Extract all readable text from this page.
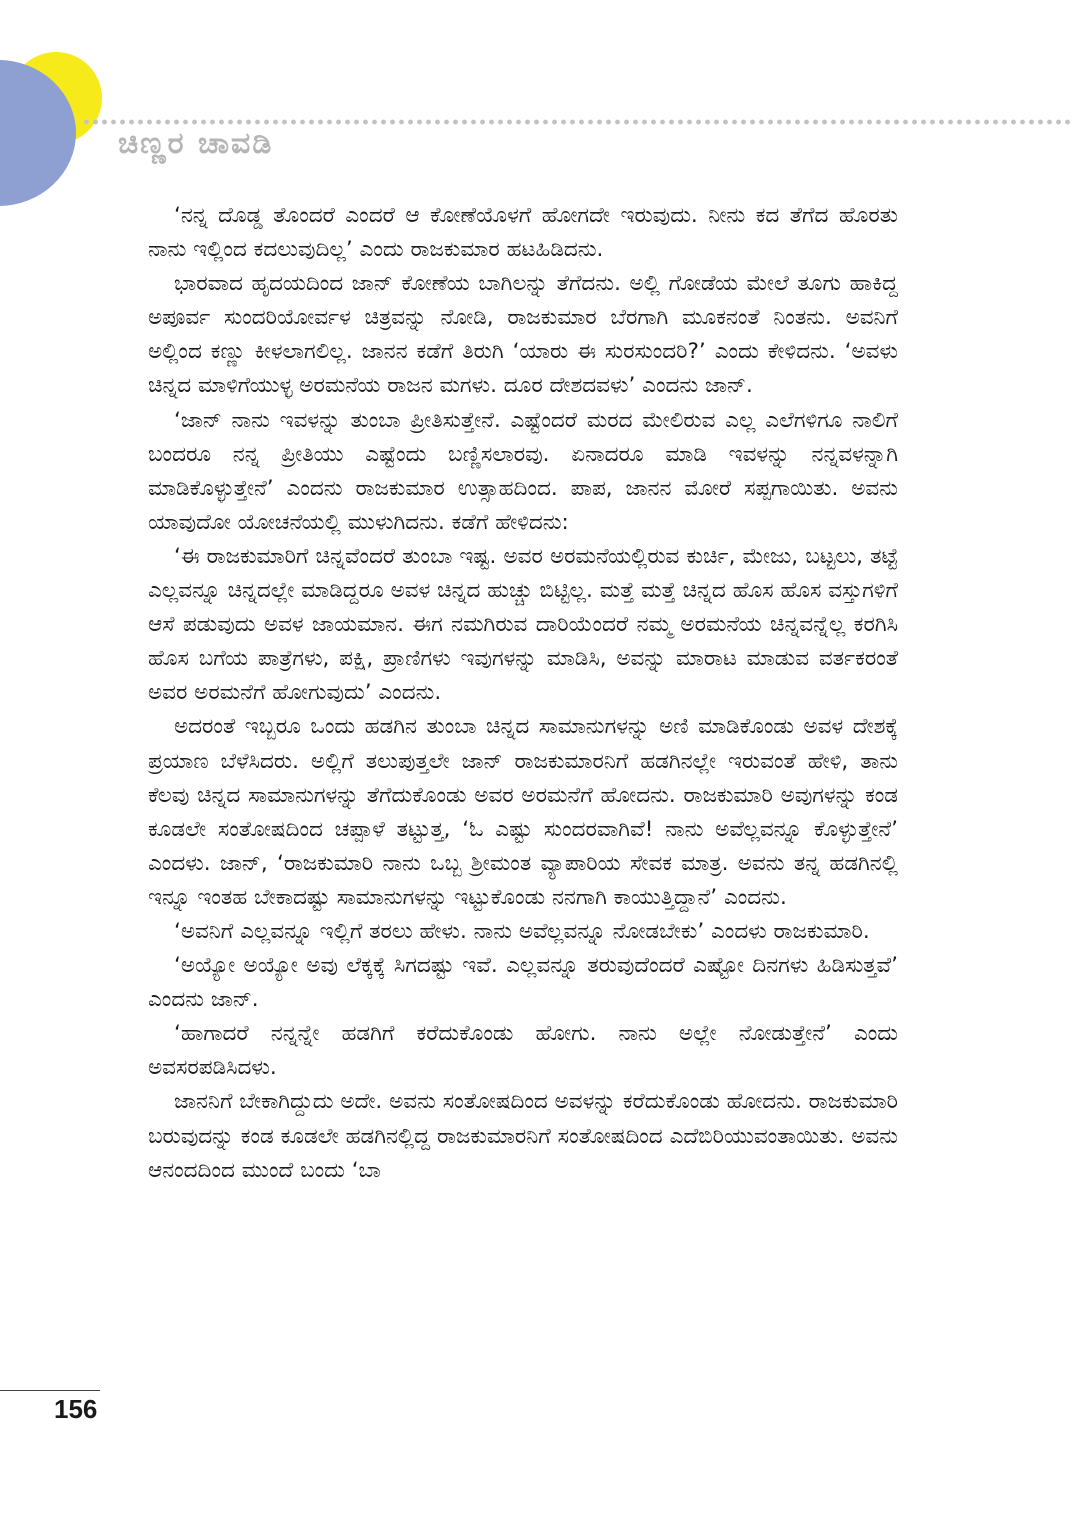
ಚಿಣ್ಣರ ಚಾವಡಿ

‘ನನ್ನ ದೊಡ್ಡ ತೊಂದರೆ ಎಂದರೆ ಆ ಕೋಣೆಯೊಳಗೆ ಹೋಗದೇ ಇರುವುದು. ನೀನು ಕದ ತೆಗೆದ ಹೊರತು ನಾನು ಇಲ್ಲಿಂದ ಕದಲುವುದಿಲ್ಲ’ ಎಂದು ರಾಜಕುಮಾರ ಹಟಹಿಡಿದನು.

ಭಾರವಾದ ಹೃದಯದಿಂದ ಜಾನ್ ಕೋಣೆಯ ಬಾಗಿಲನ್ನು ತೆಗೆದನು. ಅಲ್ಲಿ ಗೋಡೆಯ ಮೇಲೆ ತೂಗು ಹಾಕಿದ್ದ ಅಪೂರ್ವ ಸುಂದರಿಯೋರ್ವಳ ಚಿತ್ರವನ್ನು ನೋಡಿ, ರಾಜಕುಮಾರ ಬೆರಗಾಗಿ ಮೂಕನಂತೆ ನಿಂತನು. ಅವನಿಗೆ ಅಲ್ಲಿಂದ ಕಣ್ಣು ಕೀಳಲಾಗಲಿಲ್ಲ. ಜಾನನ ಕಡೆಗೆ ತಿರುಗಿ ‘ಯಾರು ಈ ಸುರಸುಂದರಿ?’ ಎಂದು ಕೇಳಿದನು. ‘ಅವಳು ಚಿನ್ನದ ಮಾಳಿಗೆಯುಳ್ಳ ಅರಮನೆಯ ರಾಜನ ಮಗಳು. ದೂರ ದೇಶದವಳು’ ಎಂದನು ಜಾನ್.

‘ಜಾನ್ ನಾನು ಇವಳನ್ನು ತುಂಬಾ ಪ್ರೀತಿಸುತ್ತೇನೆ. ಎಷ್ಟೆಂದರೆ ಮರದ ಮೇಲಿರುವ ಎಲ್ಲ ಎಲೆಗಳಿಗೂ ನಾಲಿಗೆ ಬಂದರೂ ನನ್ನ ಪ್ರೀತಿಯು ಎಷ್ಟೆಂದು ಬಣ್ಣಿಸಲಾರವು. ಏನಾದರೂ ಮಾಡಿ ಇವಳನ್ನು ನನ್ನವಳನ್ನಾಗಿ ಮಾಡಿಕೊಳ್ಳುತ್ತೇನೆ’ ಎಂದನು ರಾಜಕುಮಾರ ಉತ್ಸಾಹದಿಂದ. ಪಾಪ, ಜಾನನ ಮೋರೆ ಸಪ್ಪಗಾಯಿತು. ಅವನು ಯಾವುದೋ ಯೋಚನೆಯಲ್ಲಿ ಮುಳುಗಿದನು. ಕಡೆಗೆ ಹೇಳಿದನು:

‘ಈ ರಾಜಕುಮಾರಿಗೆ ಚಿನ್ನವೆಂದರೆ ತುಂಬಾ ಇಷ್ಟ. ಅವರ ಅರಮನೆಯಲ್ಲಿರುವ ಕುರ್ಚಿ, ಮೇಜು, ಬಟ್ಟಲು, ತಟ್ಟೆ ಎಲ್ಲವನ್ನೂ ಚಿನ್ನದಲ್ಲೇ ಮಾಡಿದ್ದರೂ ಅವಳ ಚಿನ್ನದ ಹುಚ್ಚು ಬಿಟ್ಟಿಲ್ಲ. ಮತ್ತೆ ಮತ್ತೆ ಚಿನ್ನದ ಹೊಸ ಹೊಸ ವಸ್ತುಗಳಿಗೆ ಆಸೆ ಪಡುವುದು ಅವಳ ಜಾಯಮಾನ. ಈಗ ನಮಗಿರುವ ದಾರಿಯೆಂದರೆ ನಮ್ಮ ಅರಮನೆಯ ಚಿನ್ನವನ್ನೆಲ್ಲ ಕರಗಿಸಿ ಹೊಸ ಬಗೆಯ ಪಾತ್ರೆಗಳು, ಪಕ್ಷಿ, ಪ್ರಾಣಿಗಳು ಇವುಗಳನ್ನು ಮಾಡಿಸಿ, ಅವನ್ನು ಮಾರಾಟ ಮಾಡುವ ವರ್ತಕರಂತೆ ಅವರ ಅರಮನೆಗೆ ಹೋಗುವುದು’ ಎಂದನು.

ಅದರಂತೆ ಇಬ್ಬರೂ ಒಂದು ಹಡಗಿನ ತುಂಬಾ ಚಿನ್ನದ ಸಾಮಾನುಗಳನ್ನು ಅಣಿ ಮಾಡಿಕೊಂಡು ಅವಳ ದೇಶಕ್ಕೆ ಪ್ರಯಾಣ ಬೆಳೆಸಿದರು. ಅಲ್ಲಿಗೆ ತಲುಪುತ್ತಲೇ ಜಾನ್ ರಾಜಕುಮಾರನಿಗೆ ಹಡಗಿನಲ್ಲೇ ಇರುವಂತೆ ಹೇಳಿ, ತಾನು ಕೆಲವು ಚಿನ್ನದ ಸಾಮಾನುಗಳನ್ನು ತೆಗೆದುಕೊಂಡು ಅವರ ಅರಮನೆಗೆ ಹೋದನು. ರಾಜಕುಮಾರಿ ಅವುಗಳನ್ನು ಕಂಡ ಕೂಡಲೇ ಸಂತೋಷದಿಂದ ಚಪ್ಪಾಳೆ ತಟ್ಟುತ್ತ, ‘ಓ ಎಷ್ಟು ಸುಂದರವಾಗಿವೆ! ನಾನು ಅವೆಲ್ಲವನ್ನೂ ಕೊಳ್ಳುತ್ತೇನೆ’ ಎಂದಳು. ಜಾನ್, ‘ರಾಜಕುಮಾರಿ ನಾನು ಒಬ್ಬ ಶ್ರೀಮಂತ ವ್ಯಾಪಾರಿಯ ಸೇವಕ ಮಾತ್ರ. ಅವನು ತನ್ನ ಹಡಗಿನಲ್ಲಿ ಇನ್ನೂ ಇಂತಹ ಬೇಕಾದಷ್ಟು ಸಾಮಾನುಗಳನ್ನು ಇಟ್ಟುಕೊಂಡು ನನಗಾಗಿ ಕಾಯುತ್ತಿದ್ದಾನೆ’ ಎಂದನು.

‘ಅವನಿಗೆ ಎಲ್ಲವನ್ನೂ ಇಲ್ಲಿಗೆ ತರಲು ಹೇಳು. ನಾನು ಅವೆಲ್ಲವನ್ನೂ ನೋಡಬೇಕು’ ಎಂದಳು ರಾಜಕುಮಾರಿ.

‘ಅಯ್ಯೋ ಅಯ್ಯೋ ಅವು ಲೆಕ್ಕಕ್ಕೆ ಸಿಗದಷ್ಟು ಇವೆ. ಎಲ್ಲವನ್ನೂ ತರುವುದೆಂದರೆ ಎಷ್ಟೋ ದಿನಗಳು ಹಿಡಿಸುತ್ತವೆ’ ಎಂದನು ಜಾನ್.

‘ಹಾಗಾದರೆ ನನ್ನನ್ನೇ ಹಡಗಿಗೆ ಕರೆದುಕೊಂಡು ಹೋಗು. ನಾನು ಅಲ್ಲೇ ನೋಡುತ್ತೇನೆ’ ಎಂದು ಅವಸರಪಡಿಸಿದಳು.

ಜಾನನಿಗೆ ಬೇಕಾಗಿದ್ದುದು ಅದೇ. ಅವನು ಸಂತೋಷದಿಂದ ಅವಳನ್ನು ಕರೆದುಕೊಂಡು ಹೋದನು. ರಾಜಕುಮಾರಿ ಬರುವುದನ್ನು ಕಂಡ ಕೂಡಲೇ ಹಡಗಿನಲ್ಲಿದ್ದ ರಾಜಕುಮಾರನಿಗೆ ಸಂತೋಷದಿಂದ ಎದೆಬಿರಿಯುವಂತಾಯಿತು. ಅವನು ಆನಂದದಿಂದ ಮುಂದೆ ಬಂದು ‘ಬಾ

156
